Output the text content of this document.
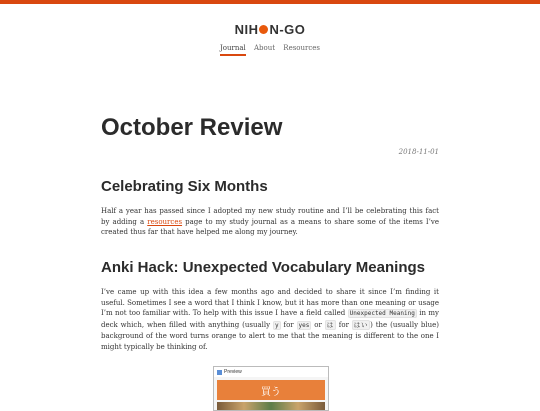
NIH N-GO
Journal About Resources
October Review
2018-11-01
Celebrating Six Months

Half a year has passed since I adopted my new study routine and I’ll be celebrating this fact by adding a resources page to my study journal as a means to share some of the items I’ve created thus far that have helped me along my journey.

Anki Hack: Unexpected Vocabulary Meanings

I’ve came up with this idea a few months ago and decided to share it since I’m finding it useful. Sometimes I see a word that I think I know, but it has more than one meaning or usage I’m not too familiar with. To help with this issue I have a field called Unexpected Meaning in my deck which, when filled with anything (usually y for yes or は for はい ) the (usually blue) background of the word turns orange to alert to me that the meaning is different to the one I might typically be thinking of.

Preview
買う
